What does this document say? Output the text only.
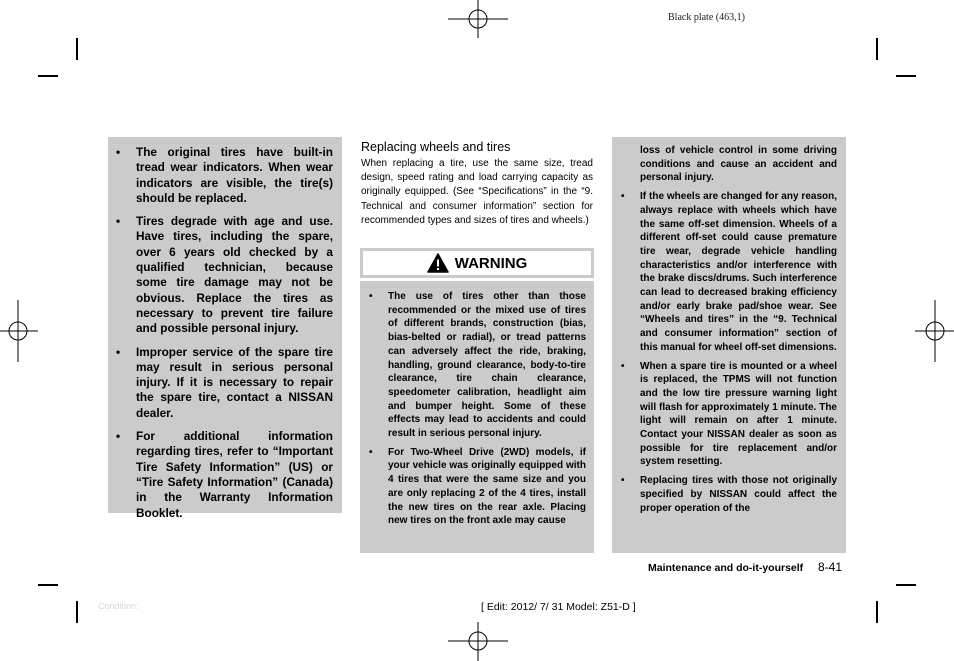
Black plate (463,1)
• The original tires have built-in tread wear indicators. When wear indicators are visible, the tire(s) should be replaced.
• Tires degrade with age and use. Have tires, including the spare, over 6 years old checked by a qualified technician, because some tire damage may not be obvious. Replace the tires as necessary to prevent tire failure and possible personal injury.
• Improper service of the spare tire may result in serious personal injury. If it is necessary to repair the spare tire, contact a NISSAN dealer.
• For additional information regarding tires, refer to “Important Tire Safety Information” (US) or “Tire Safety Information” (Canada) in the Warranty Information Booklet.
Replacing wheels and tires
When replacing a tire, use the same size, tread design, speed rating and load carrying capacity as originally equipped. (See “Specifications” in the “9. Technical and consumer information” section for recommended types and sizes of tires and wheels.)
WARNING
• The use of tires other than those recommended or the mixed use of tires of different brands, construction (bias, bias-belted or radial), or tread patterns can adversely affect the ride, braking, handling, ground clearance, body-to-tire clearance, tire chain clearance, speedometer calibration, headlight aim and bumper height. Some of these effects may lead to accidents and could result in serious personal injury.
• For Two-Wheel Drive (2WD) models, if your vehicle was originally equipped with 4 tires that were the same size and you are only replacing 2 of the 4 tires, install the new tires on the rear axle. Placing new tires on the front axle may cause
loss of vehicle control in some driving conditions and cause an accident and personal injury.
• If the wheels are changed for any reason, always replace with wheels which have the same off-set dimension. Wheels of a different off-set could cause premature tire wear, degrade vehicle handling characteristics and/or interference with the brake discs/drums. Such interference can lead to decreased braking efficiency and/or early brake pad/shoe wear. See “Wheels and tires” in the “9. Technical and consumer information” section of this manual for wheel off-set dimensions.
• When a spare tire is mounted or a wheel is replaced, the TPMS will not function and the low tire pressure warning light will flash for approximately 1 minute. The light will remain on after 1 minute. Contact your NISSAN dealer as soon as possible for tire replacement and/or system resetting.
• Replacing tires with those not originally specified by NISSAN could affect the proper operation of the
Maintenance and do-it-yourself 8-41
Condition:	[ Edit: 2012/ 7/ 31 Model: Z51-D ]
